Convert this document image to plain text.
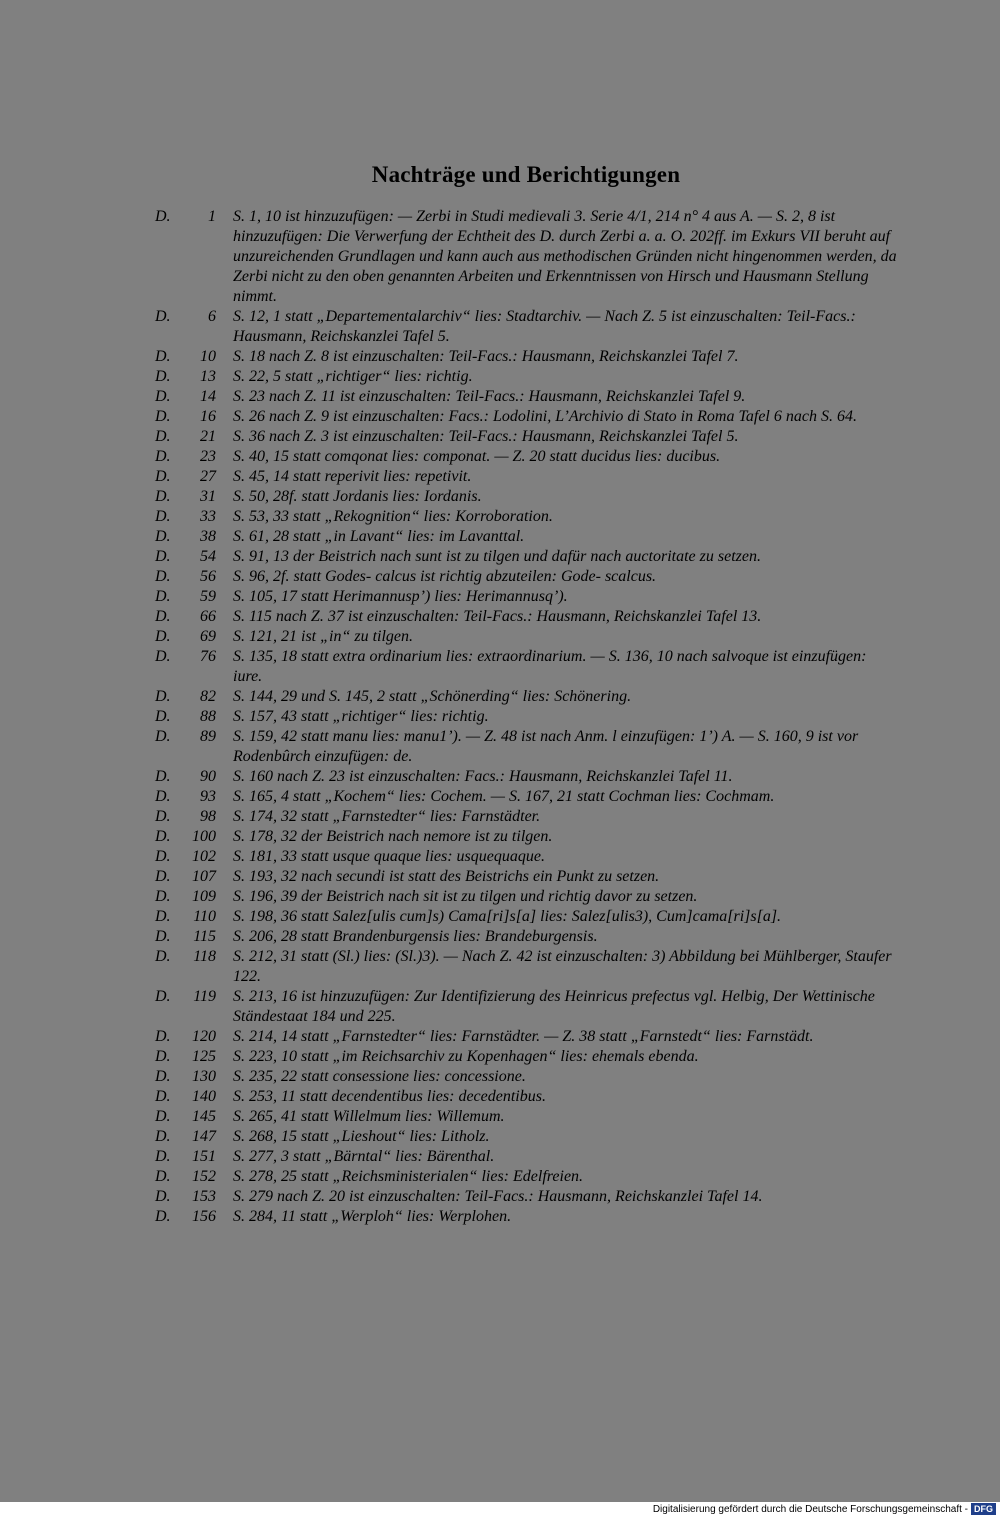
Nachträge und Berichtigungen
D.	1 S. 1, 10 ist hinzuzufügen: — Zerbi in Studi medievali 3. Serie 4/1, 214 n° 4 aus A. — S. 2, 8 ist hinzuzufügen: Die Verwerfung der Echtheit des D. durch Zerbi a. a. O. 202ff. im Exkurs VII beruht auf unzureichenden Grundlagen und kann auch aus methodischen Gründen nicht hingenommen werden, da Zerbi nicht zu den oben genannten Arbeiten und Erkenntnissen von Hirsch und Hausmann Stellung nimmt.
D.	6 S. 12, 1 statt „Departementalarchiv“ lies: Stadtarchiv. — Nach Z. 5 ist einzuschalten: Teil-Facs.: Hausmann, Reichskanzlei Tafel 5.
D.	10 S. 18 nach Z. 8 ist einzuschalten: Teil-Facs.: Hausmann, Reichskanzlei Tafel 7.
D.	13 S. 22, 5 statt „richtiger“ lies: richtig.
D.	14 S. 23 nach Z. 11 ist einzuschalten: Teil-Facs.: Hausmann, Reichskanzlei Tafel 9.
D.	16 S. 26 nach Z. 9 ist einzuschalten: Facs.: Lodolini, L’Archivio di Stato in Roma Tafel 6 nach S. 64.
D.	21 S. 36 nach Z. 3 ist einzuschalten: Teil-Facs.: Hausmann, Reichskanzlei Tafel 5.
D.	23 S. 40, 15 statt comqonat lies: componat. — Z. 20 statt ducidus lies: ducibus.
D.	27 S. 45, 14 statt reperivit lies: repetivit.
D.	31 S. 50, 28f. statt Jordanis lies: Iordanis.
D.	33 S. 53, 33 statt „Rekognition“ lies: Korroboration.
D.	38 S. 61, 28 statt „in Lavant“ lies: im Lavanttal.
D.	54 S. 91, 13 der Beistrich nach sunt ist zu tilgen und dafür nach auctoritate zu setzen.
D.	56 S. 96, 2f. statt Godes- calcus ist richtig abzuteilen: Gode- scalcus.
D.	59 S. 105, 17 statt Herimannusp’) lies: Herimannusq’).
D.	66 S. 115 nach Z. 37 ist einzuschalten: Teil-Facs.: Hausmann, Reichskanzlei Tafel 13.
D.	69 S. 121, 21 ist „in“ zu tilgen.
D.	76 S. 135, 18 statt extra ordinarium lies: extraordinarium. — S. 136, 10 nach salvoque ist einzufügen: iure.
D.	82 S. 144, 29 und S. 145, 2 statt „Schönerding“ lies: Schönering.
D.	88 S. 157, 43 statt „richtiger“ lies: richtig.
D.	89 S. 159, 42 statt manu lies: manu1’). — Z. 48 ist nach Anm. l einzufügen: 1’) A. — S. 160, 9 ist vor Rodenbûrch einzufügen: de.
D.	90 S. 160 nach Z. 23 ist einzuschalten: Facs.: Hausmann, Reichskanzlei Tafel 11.
D.	93 S. 165, 4 statt „Kochem“ lies: Cochem. — S. 167, 21 statt Cochman lies: Cochmam.
D.	98 S. 174, 32 statt „Farnstedter“ lies: Farnstädter.
D.	100 S. 178, 32 der Beistrich nach nemore ist zu tilgen.
D.	102 S. 181, 33 statt usque quaque lies: usquequaque.
D.	107 S. 193, 32 nach secundi ist statt des Beistrichs ein Punkt zu setzen.
D.	109 S. 196, 39 der Beistrich nach sit ist zu tilgen und richtig davor zu setzen.
D.	110 S. 198, 36 statt Salez[ulis cum]s) Cama[ri]s[a] lies: Salez[ulis3), Cum]cama[ri]s[a].
D.	115 S. 206, 28 statt Brandenburgensis lies: Brandeburgensis.
D.	118 S. 212, 31 statt (Sl.) lies: (Sl.)3). — Nach Z. 42 ist einzuschalten: 3) Abbildung bei Mühlberger, Staufer 122.
D.	119 S. 213, 16 ist hinzuzufügen: Zur Identifizierung des Heinricus prefectus vgl. Helbig, Der Wettinische Ständestaat 184 und 225.
D.	120 S. 214, 14 statt „Farnstedter“ lies: Farnstädter. — Z. 38 statt „Farnstedt“ lies: Farnstädt.
D.	125 S. 223, 10 statt „im Reichsarchiv zu Kopenhagen“ lies: ehemals ebenda.
D.	130 S. 235, 22 statt consessione lies: concessione.
D.	140 S. 253, 11 statt decendentibus lies: decedentibus.
D.	145 S. 265, 41 statt Willelmum lies: Willemum.
D.	147 S. 268, 15 statt „Lieshout“ lies: Litholz.
D.	151 S. 277, 3 statt „Bärntal“ lies: Bärenthal.
D.	152 S. 278, 25 statt „Reichsministerialen“ lies: Edelfreien.
D.	153 S. 279 nach Z. 20 ist einzuschalten: Teil-Facs.: Hausmann, Reichskanzlei Tafel 14.
D.	156 S. 284, 11 statt „Werploh“ lies: Werplohen.
Digitalisierung gefördert durch die Deutsche Forschungsgemeinschaft - DFG
